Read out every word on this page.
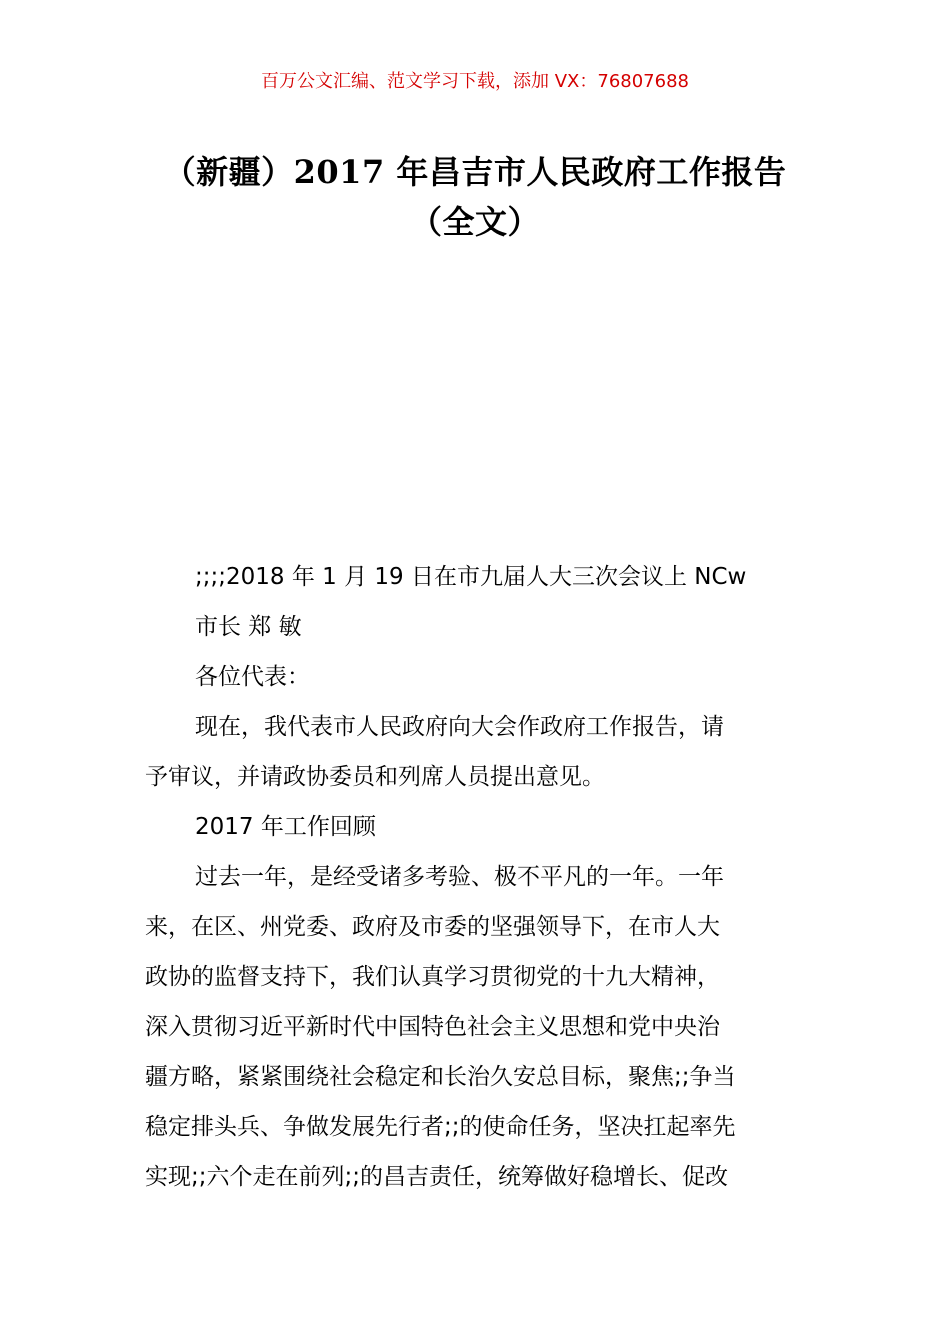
百万公文汇编、范文学习下载，添加 VX：76807688
（新疆）2017 年昌吉市人民政府工作报告
（全文）

;;;;2018 年 1 月 19 日在市九届人大三次会议上 NCw

市长 郑 敏

各位代表：

现在，我代表市人民政府向大会作政府工作报告，请

予审议，并请政协委员和列席人员提出意见。

2017 年工作回顾

过去一年，是经受诸多考验、极不平凡的一年。一年

来，在区、州党委、政府及市委的坚强领导下，在市人大

政协的监督支持下，我们认真学习贯彻党的十九大精神，

深入贯彻习近平新时代中国特色社会主义思想和党中央治

疆方略，紧紧围绕社会稳定和长治久安总目标，聚焦;;争当

稳定排头兵、争做发展先行者;;的使命任务，坚决扛起率先

实现;;六个走在前列;;的昌吉责任，统筹做好稳增长、促改
